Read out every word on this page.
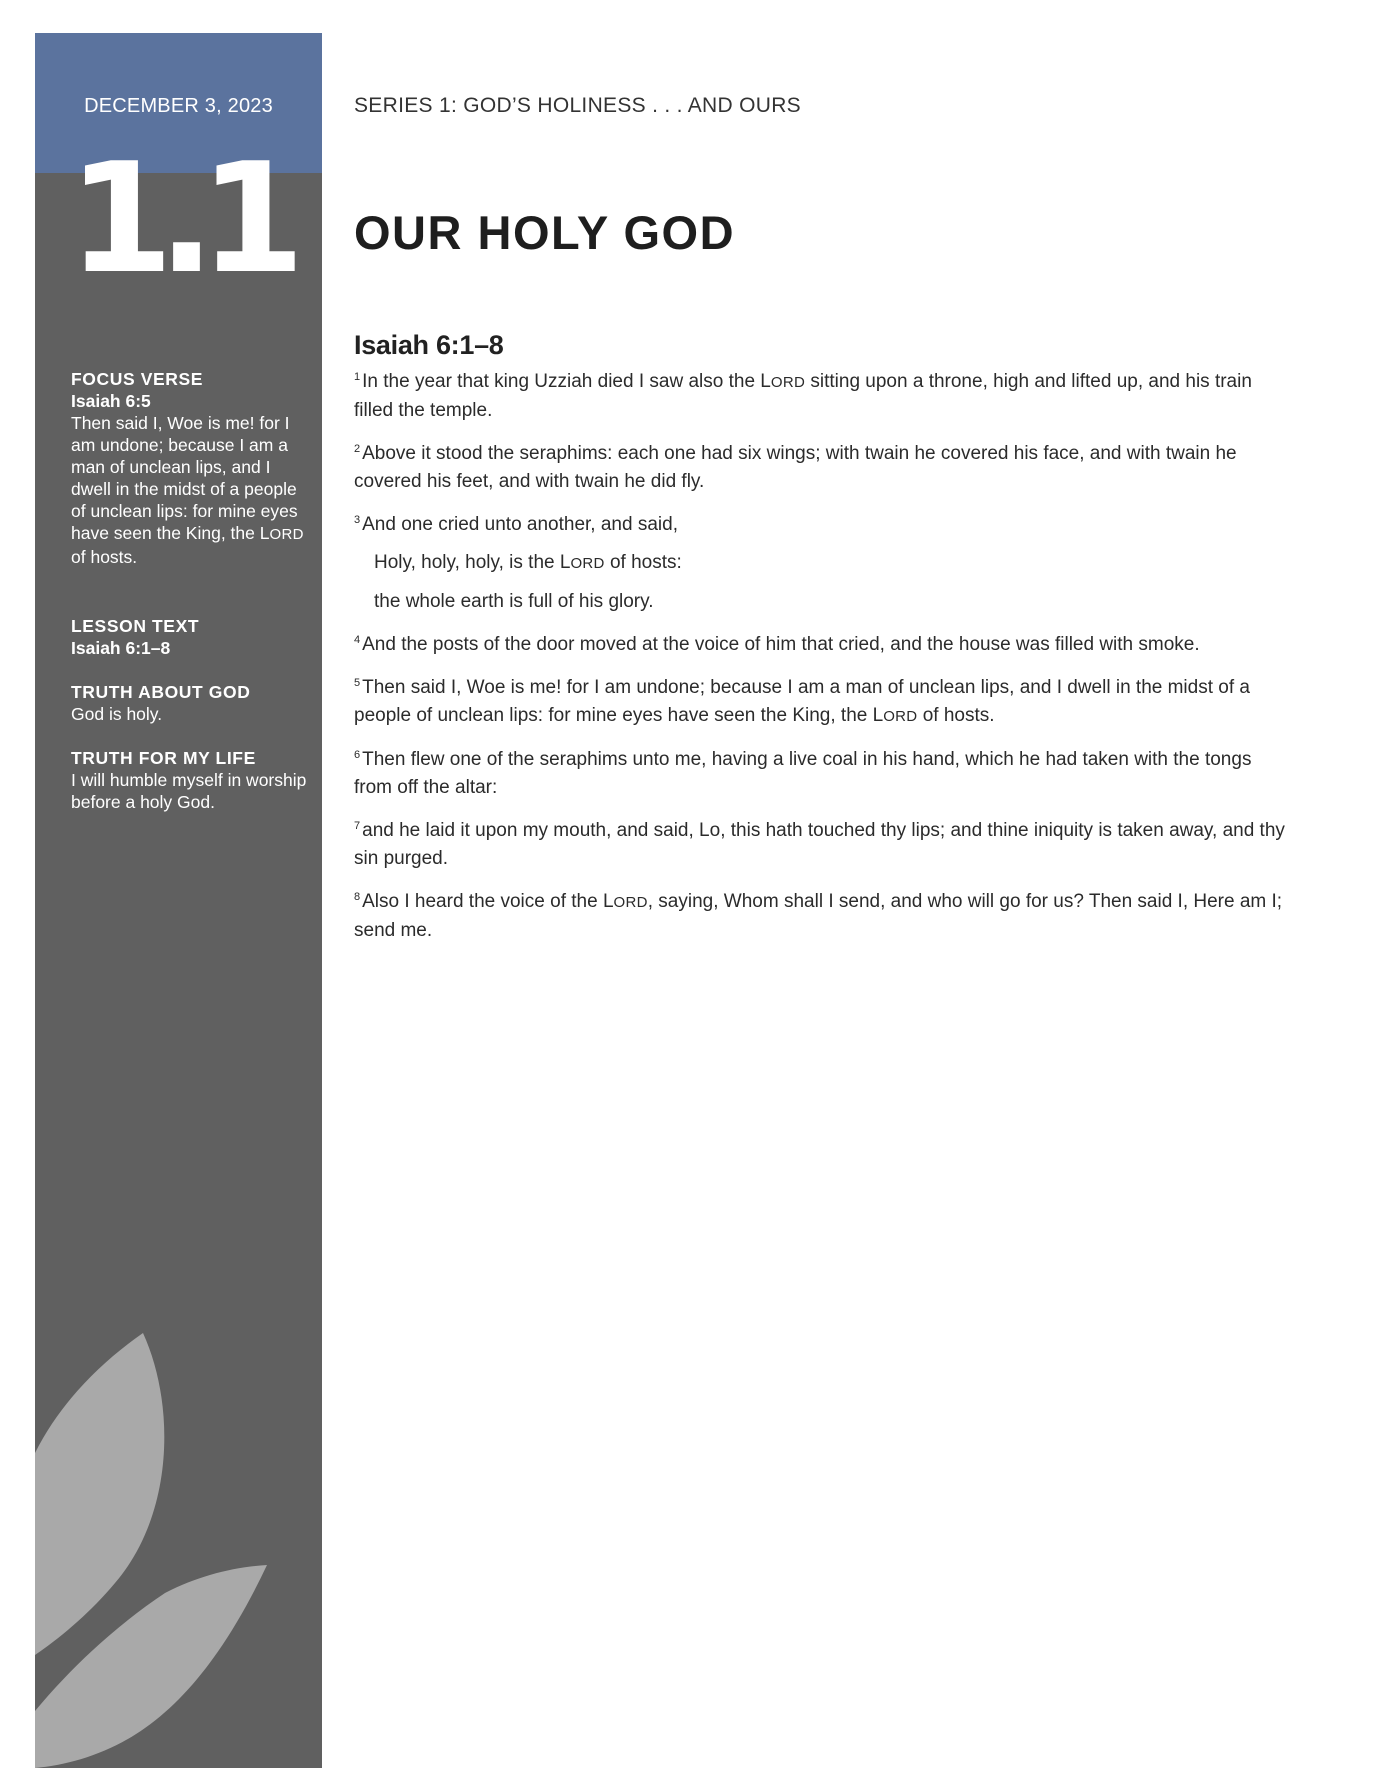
DECEMBER 3, 2023
1.1
FOCUS VERSE
Isaiah 6:5
Then said I, Woe is me! for I am undone; because I am a man of unclean lips, and I dwell in the midst of a people of unclean lips: for mine eyes have seen the King, the LORD of hosts.
LESSON TEXT
Isaiah 6:1–8
TRUTH ABOUT GOD
God is holy.
TRUTH FOR MY LIFE
I will humble myself in worship before a holy God.
SERIES 1: GOD’S HOLINESS . . . AND OURS
OUR HOLY GOD
Isaiah 6:1–8

$^1$ In the year that king Uzziah died I saw also the LORD sitting upon a throne, high and lifted up, and his train filled the temple.

$^2$ Above it stood the seraphims: each one had six wings; with twain he covered his face, and with twain he covered his feet, and with twain he did fly.

$^3$ And one cried unto another, and said,

Holy, holy, holy, is the LORD of hosts:

the whole earth is full of his glory.

$^4$ And the posts of the door moved at the voice of him that cried, and the house was filled with smoke.

$^5$ Then said I, Woe is me! for I am undone; because I am a man of unclean lips, and I dwell in the midst of a people of unclean lips: for mine eyes have seen the King, the LORD of hosts.

$^6$ Then flew one of the seraphims unto me, having a live coal in his hand, which he had taken with the tongs from off the altar:

$^7$ and he laid it upon my mouth, and said, Lo, this hath touched thy lips; and thine iniquity is taken away, and thy sin purged.

$^8$ Also I heard the voice of the LORD, saying, Whom shall I send, and who will go for us? Then said I, Here am I; send me.
